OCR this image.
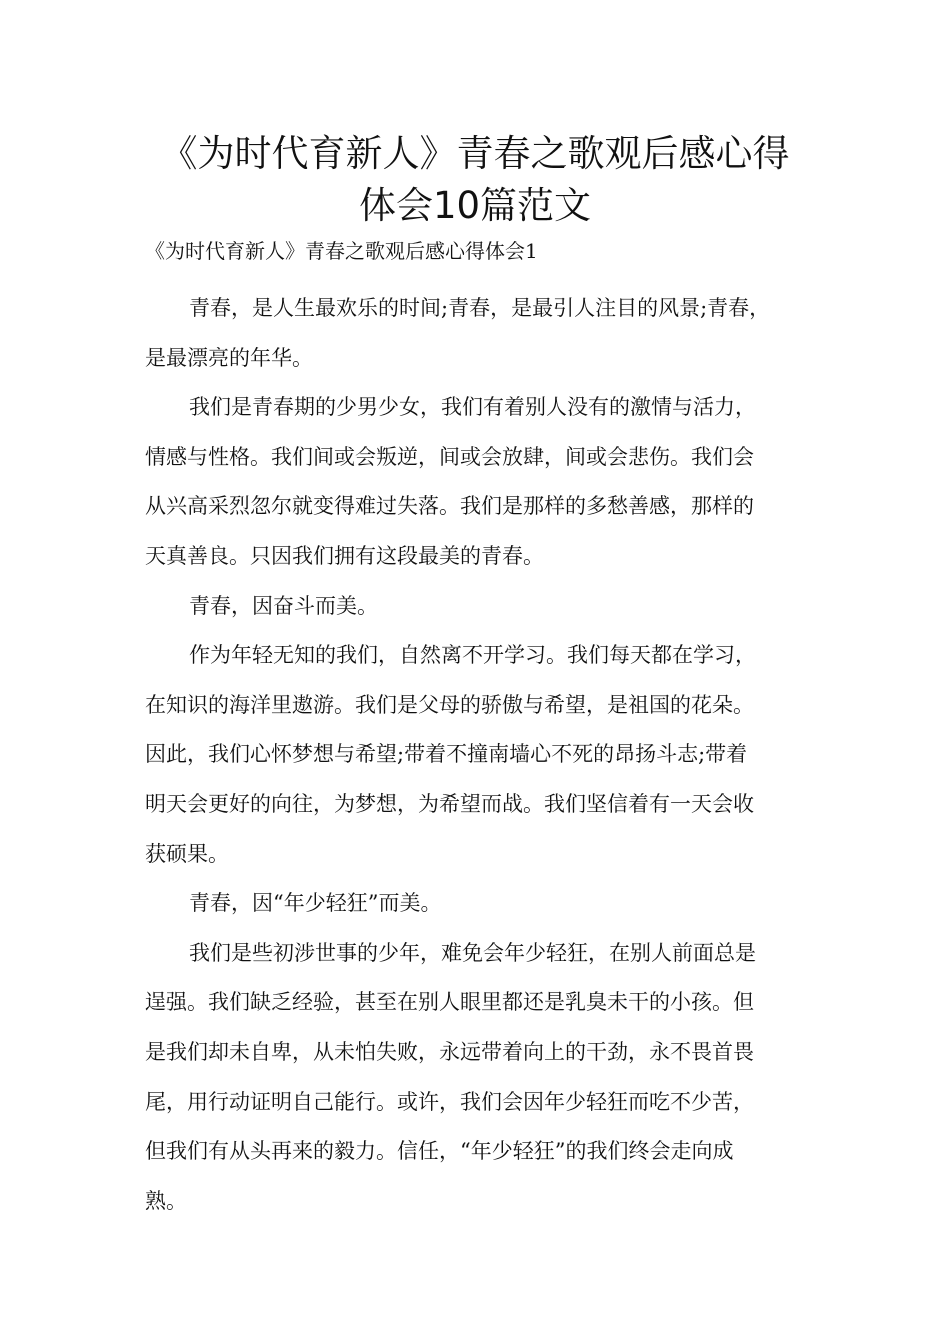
《为时代育新人》青春之歌观后感心得
体会10篇范文
《为时代育新人》青春之歌观后感心得体会1

青春，是人生最欢乐的时间;青春，是最引人注目的风景;青春，
是最漂亮的年华。

我们是青春期的少男少女，我们有着别人没有的激情与活力，
情感与性格。我们间或会叛逆，间或会放肆，间或会悲伤。我们会
从兴高采烈忽尔就变得难过失落。我们是那样的多愁善感，那样的
天真善良。只因我们拥有这段最美的青春。

青春，因奋斗而美。

作为年轻无知的我们，自然离不开学习。我们每天都在学习，
在知识的海洋里遨游。我们是父母的骄傲与希望，是祖国的花朵。
因此，我们心怀梦想与希望;带着不撞南墙心不死的昂扬斗志;带着
明天会更好的向往，为梦想，为希望而战。我们坚信着有一天会收
获硕果。

青春，因“年少轻狂”而美。

我们是些初涉世事的少年，难免会年少轻狂，在别人前面总是
逞强。我们缺乏经验，甚至在别人眼里都还是乳臭未干的小孩。但
是我们却未自卑，从未怕失败，永远带着向上的干劲，永不畏首畏
尾，用行动证明自己能行。或许，我们会因年少轻狂而吃不少苦，
但我们有从头再来的毅力。信任，“年少轻狂”的我们终会走向成
熟。
